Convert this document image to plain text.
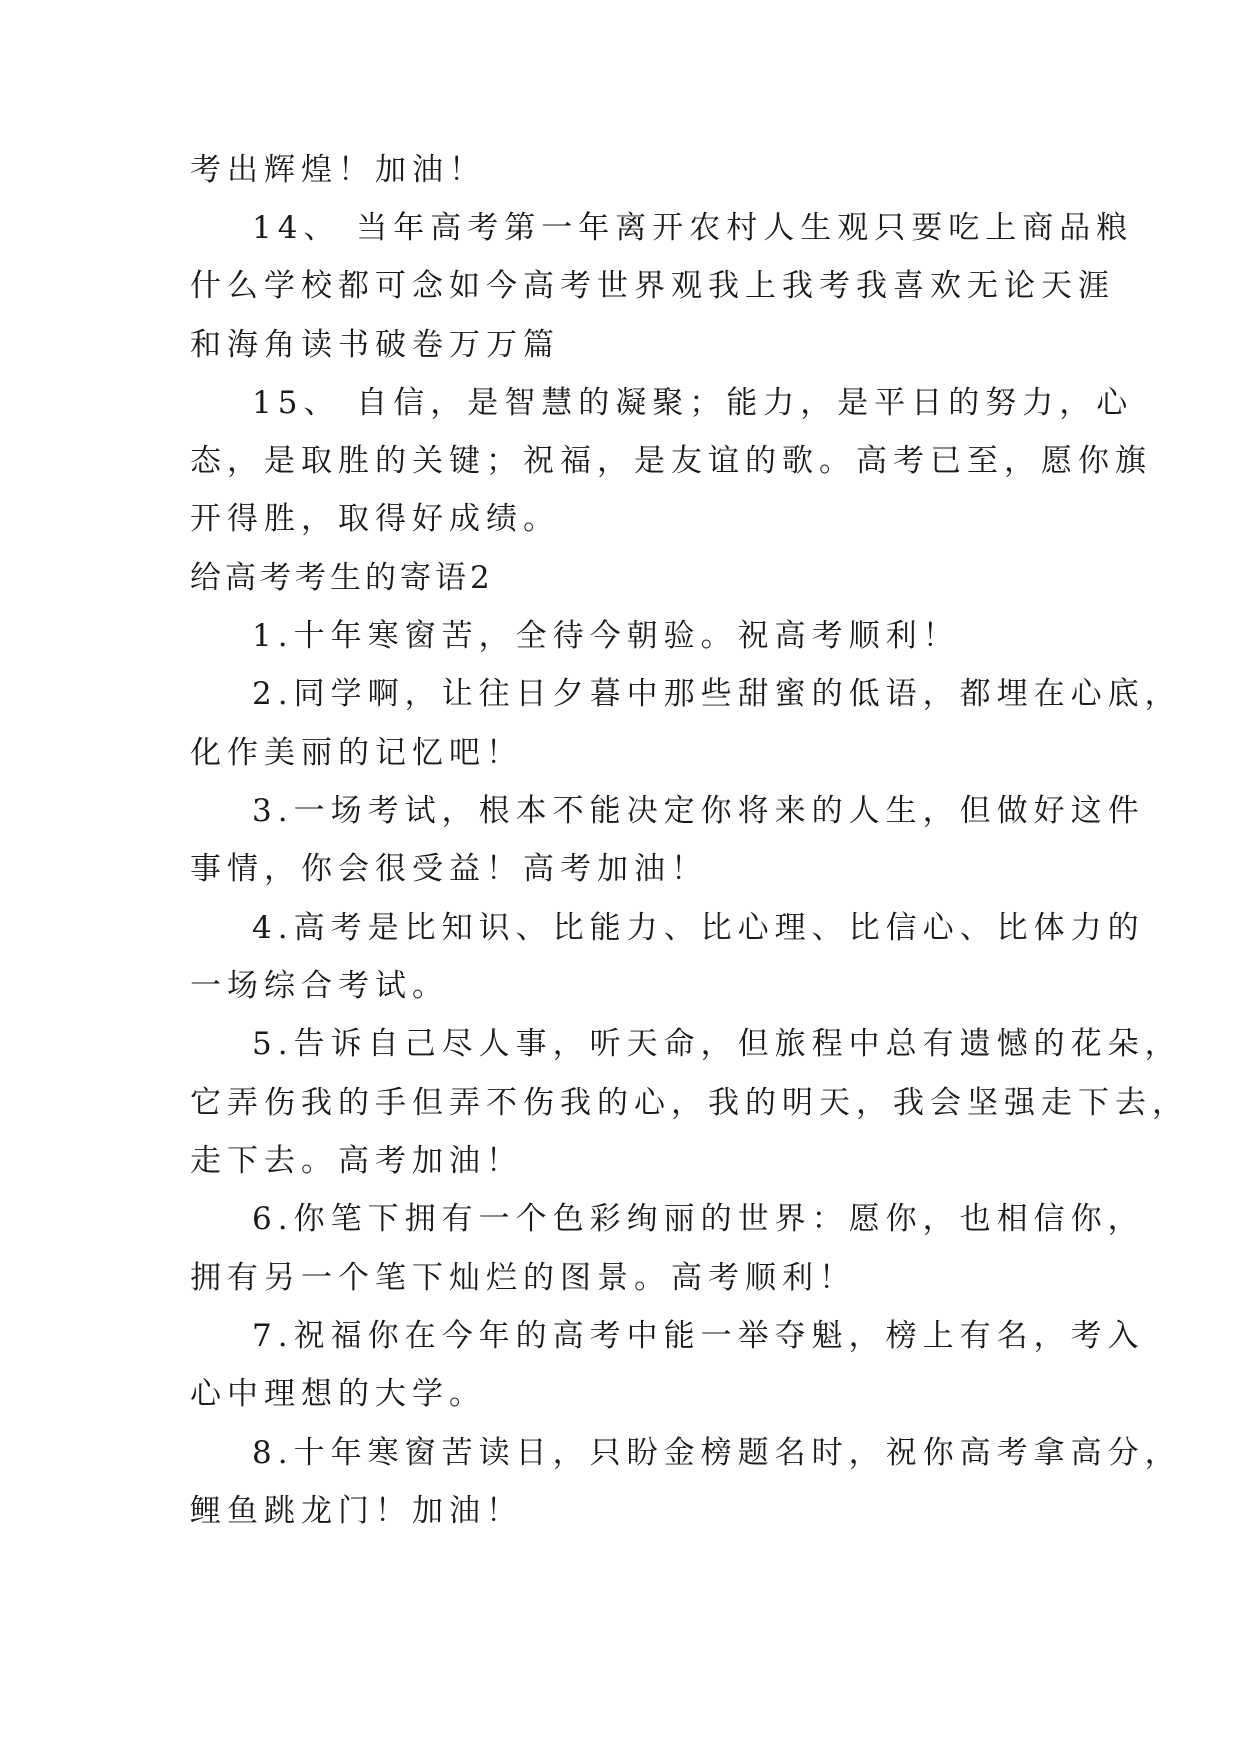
考出辉煌！加油！
14、 当年高考第一年离开农村人生观只要吃上商品粮
什么学校都可念如今高考世界观我上我考我喜欢无论天涯
和海角读书破卷万万篇
15、 自信，是智慧的凝聚；能力，是平日的努力，心
态，是取胜的关键；祝福，是友谊的歌。高考已至，愿你旗
开得胜，取得好成绩。
给高考考生的寄语2
1.十年寒窗苦，全待今朝验。祝高考顺利！
2.同学啊，让往日夕暮中那些甜蜜的低语，都埋在心底，
化作美丽的记忆吧！
3.一场考试，根本不能决定你将来的人生，但做好这件
事情，你会很受益！高考加油！
4.高考是比知识、比能力、比心理、比信心、比体力的
一场综合考试。
5.告诉自己尽人事，听天命，但旅程中总有遗憾的花朵，
它弄伤我的手但弄不伤我的心，我的明天，我会坚强走下去，
走下去。高考加油！
6.你笔下拥有一个色彩绚丽的世界：愿你，也相信你，
拥有另一个笔下灿烂的图景。高考顺利！
7.祝福你在今年的高考中能一举夺魁，榜上有名，考入
心中理想的大学。
8.十年寒窗苦读日，只盼金榜题名时，祝你高考拿高分，
鲤鱼跳龙门！加油！
